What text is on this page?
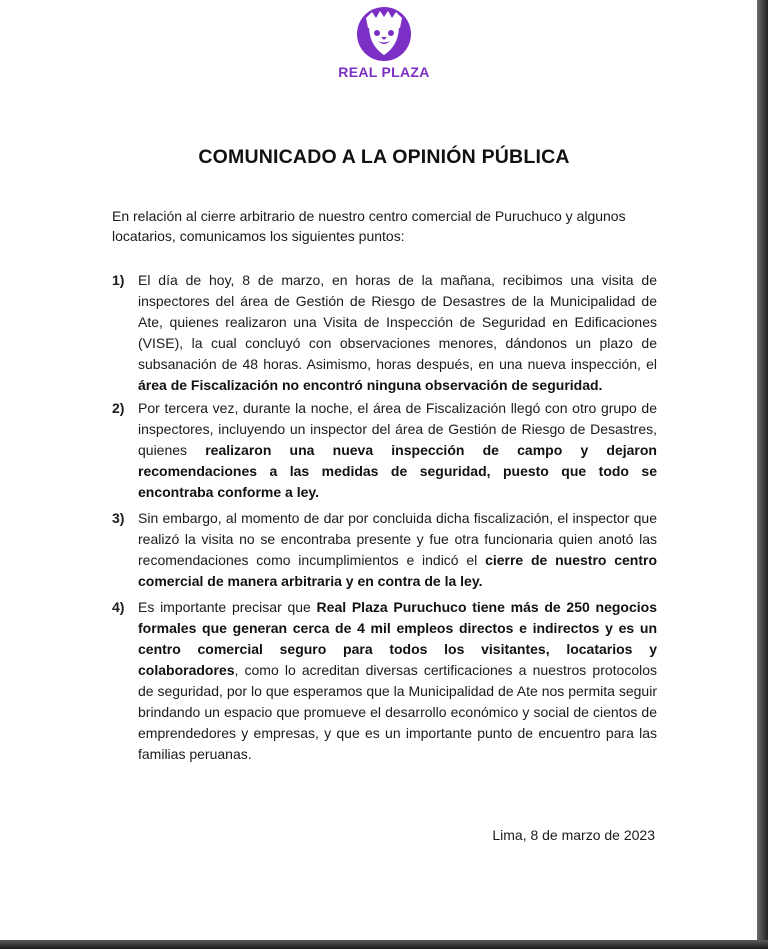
REAL PLAZA
COMUNICADO A LA OPINIÓN PÚBLICA
En relación al cierre arbitrario de nuestro centro comercial de Puruchuco y algunos locatarios, comunicamos los siguientes puntos:
1) El día de hoy, 8 de marzo, en horas de la mañana, recibimos una visita de inspectores del área de Gestión de Riesgo de Desastres de la Municipalidad de Ate, quienes realizaron una Visita de Inspección de Seguridad en Edificaciones (VISE), la cual concluyó con observaciones menores, dándonos un plazo de subsanación de 48 horas. Asimismo, horas después, en una nueva inspección, el área de Fiscalización no encontró ninguna observación de seguridad.
2) Por tercera vez, durante la noche, el área de Fiscalización llegó con otro grupo de inspectores, incluyendo un inspector del área de Gestión de Riesgo de Desastres, quienes realizaron una nueva inspección de campo y dejaron recomendaciones a las medidas de seguridad, puesto que todo se encontraba conforme a ley.
3) Sin embargo, al momento de dar por concluida dicha fiscalización, el inspector que realizó la visita no se encontraba presente y fue otra funcionaria quien anotó las recomendaciones como incumplimientos e indicó el cierre de nuestro centro comercial de manera arbitraria y en contra de la ley.
4) Es importante precisar que Real Plaza Puruchuco tiene más de 250 negocios formales que generan cerca de 4 mil empleos directos e indirectos y es un centro comercial seguro para todos los visitantes, locatarios y colaboradores, como lo acreditan diversas certificaciones a nuestros protocolos de seguridad, por lo que esperamos que la Municipalidad de Ate nos permita seguir brindando un espacio que promueve el desarrollo económico y social de cientos de emprendedores y empresas, y que es un importante punto de encuentro para las familias peruanas.
Lima, 8 de marzo de 2023
